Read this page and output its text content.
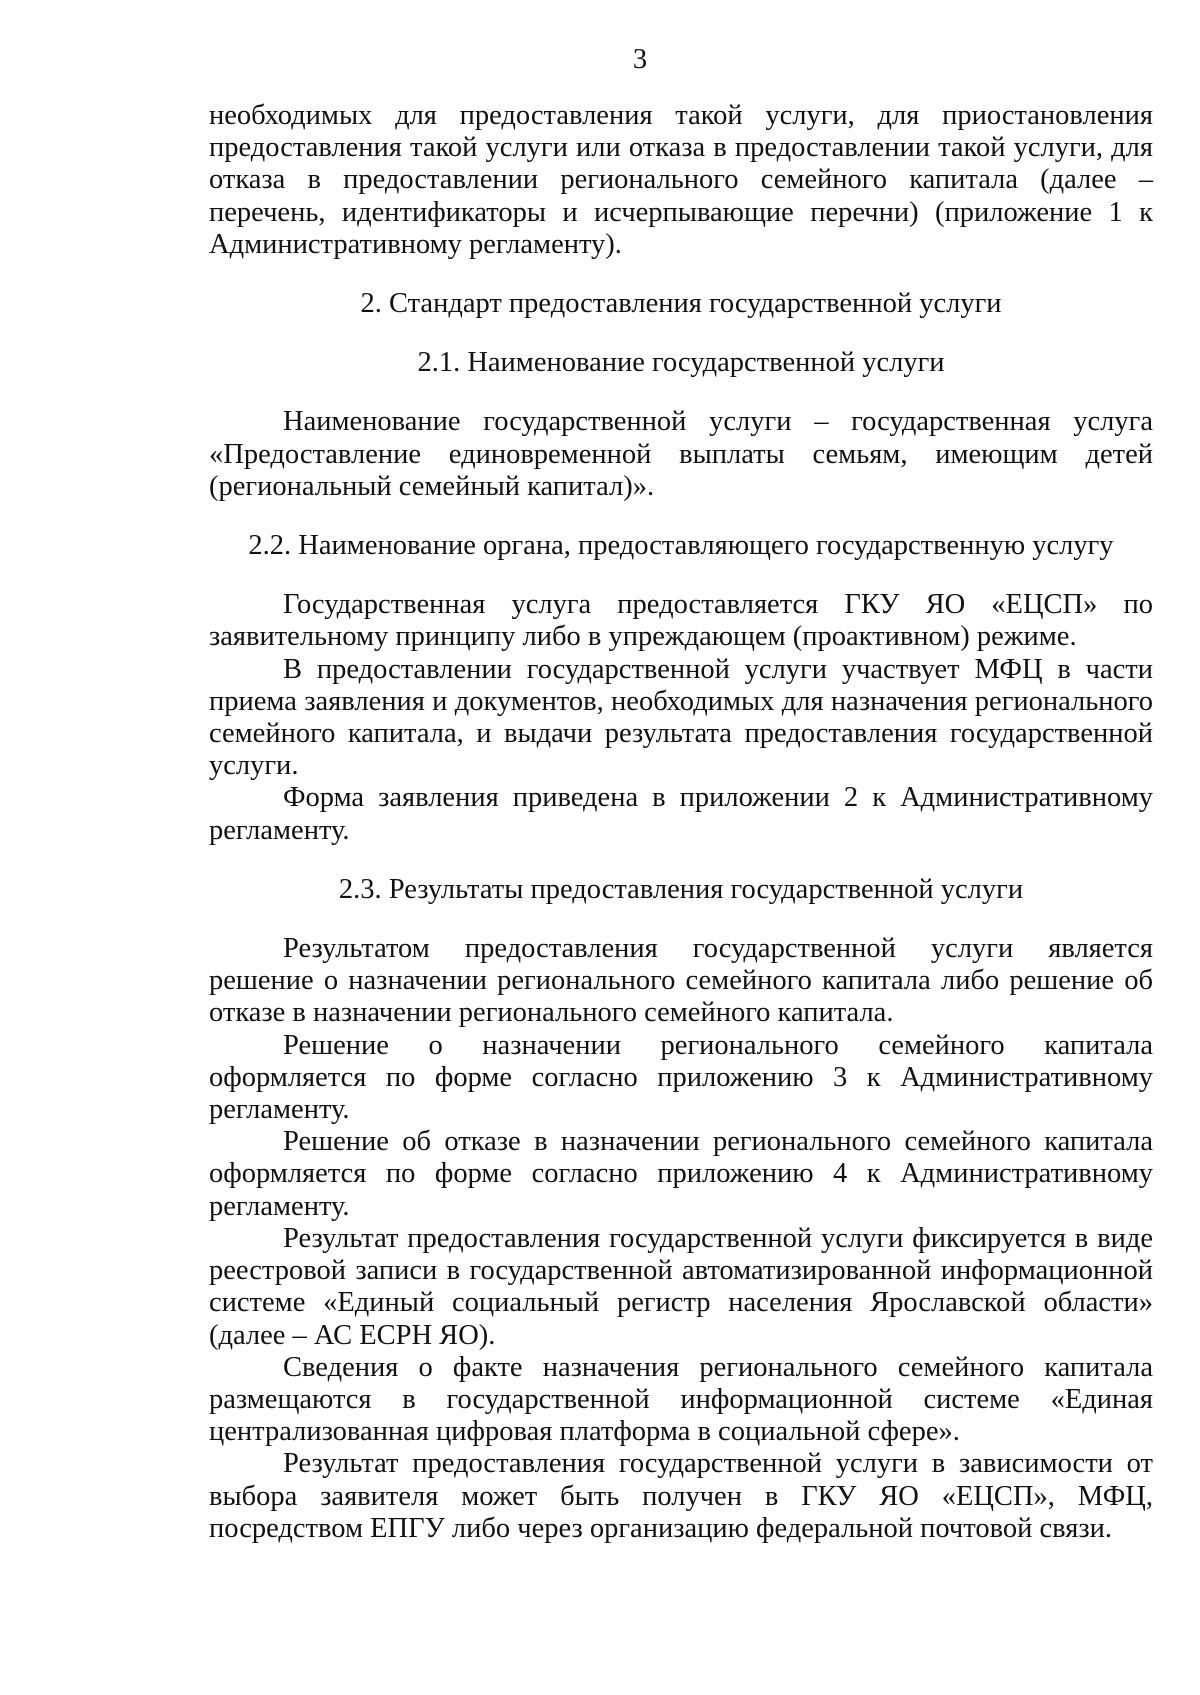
3

необходимых для предоставления такой услуги, для приостановления предоставления такой услуги или отказа в предоставлении такой услуги, для отказа в предоставлении регионального семейного капитала (далее – перечень, идентификаторы и исчерпывающие перечни) (приложение 1 к Административному регламенту).

2. Стандарт предоставления государственной услуги
2.1. Наименование государственной услуги

Наименование государственной услуги – государственная услуга «Предоставление единовременной выплаты семьям, имеющим детей (региональный семейный капитал)».

2.2. Наименование органа, предоставляющего государственную услугу

Государственная услуга предоставляется ГКУ ЯО «ЕЦСП» по заявительному принципу либо в упреждающем (проактивном) режиме.

В предоставлении государственной услуги участвует МФЦ в части приема заявления и документов, необходимых для назначения регионального семейного капитала, и выдачи результата предоставления государственной услуги.

Форма заявления приведена в приложении 2 к Административному регламенту.

2.3. Результаты предоставления государственной услуги

Результатом предоставления государственной услуги является решение о назначении регионального семейного капитала либо решение об отказе в назначении регионального семейного капитала.

Решение о назначении регионального семейного капитала оформляется по форме согласно приложению 3 к Административному регламенту.

Решение об отказе в назначении регионального семейного капитала оформляется по форме согласно приложению 4 к Административному регламенту.

Результат предоставления государственной услуги фиксируется в виде реестровой записи в государственной автоматизированной информационной системе «Единый социальный регистр населения Ярославской области» (далее – АС ЕСРН ЯО).

Сведения о факте назначения регионального семейного капитала размещаются в государственной информационной системе «Единая централизованная цифровая платформа в социальной сфере».

Результат предоставления государственной услуги в зависимости от выбора заявителя может быть получен в ГКУ ЯО «ЕЦСП», МФЦ, посредством ЕПГУ либо через организацию федеральной почтовой связи.
